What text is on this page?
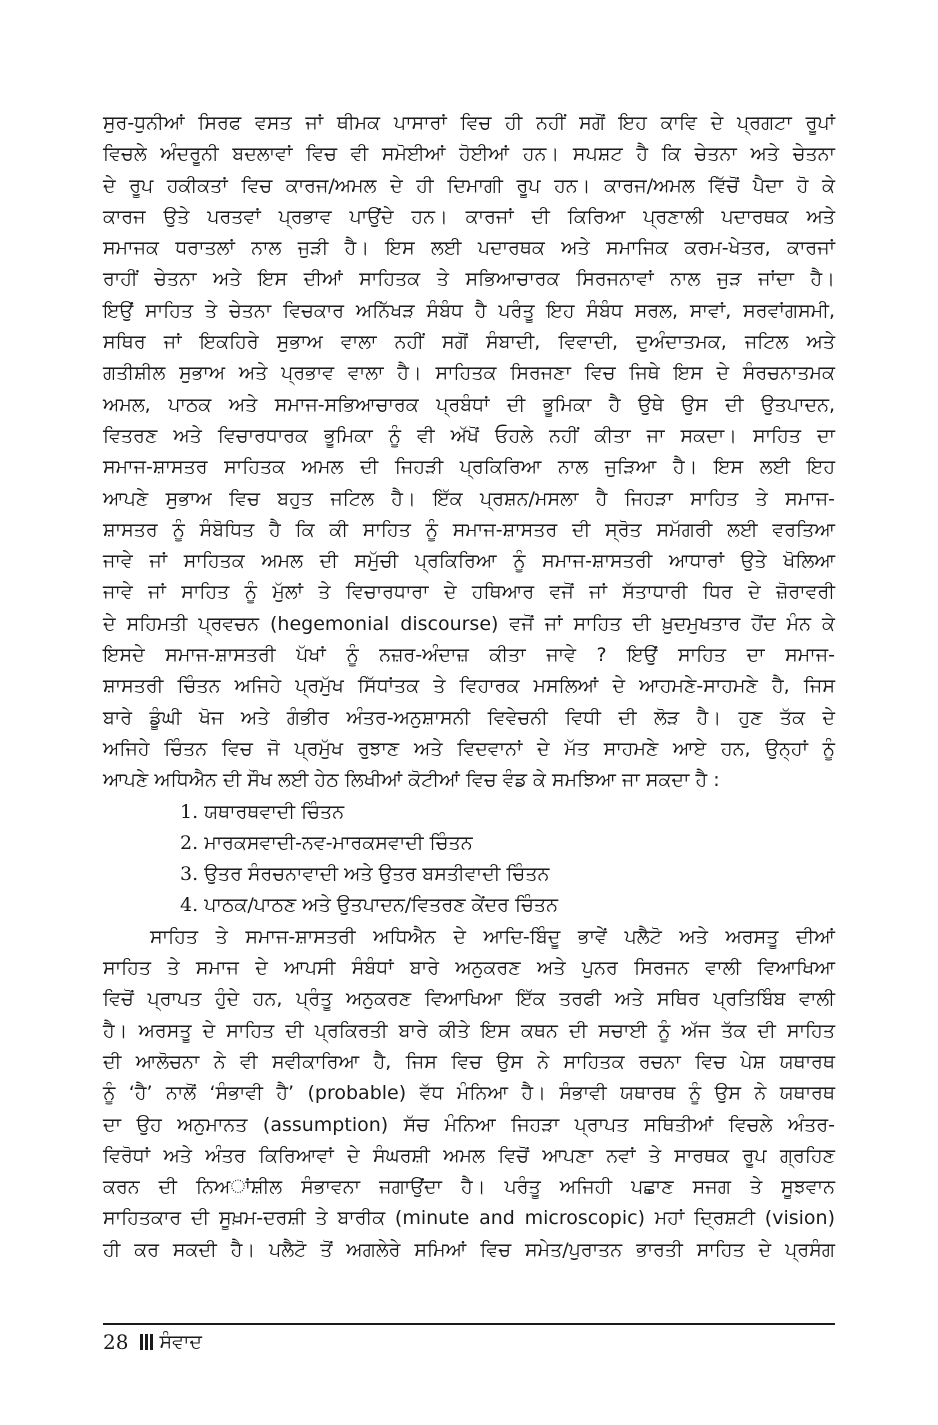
ਸੁਰ-ਧੁਨੀਆਂ ਸਿਰਫ ਵਸਤ ਜਾਂ ਥੀਮਕ ਪਾਸਾਰਾਂ ਵਿਚ ਹੀ ਨਹੀਂ ਸਗੋਂ ਇਹ ਕਾਵਿ ਦੇ ਪ੍ਰਗਟਾ ਰੂਪਾਂ

ਵਿਚਲੇ ਅੰਦਰੂਨੀ ਬਦਲਾਵਾਂ ਵਿਚ ਵੀ ਸਮੋਈਆਂ ਹੋਈਆਂ ਹਨ। ਸਪਸ਼ਟ ਹੈ ਕਿ ਚੇਤਨਾ ਅਤੇ ਚੇਤਨਾ

ਦੇ ਰੂਪ ਹਕੀਕਤਾਂ ਵਿਚ ਕਾਰਜ/ਅਮਲ ਦੇ ਹੀ ਦਿਮਾਗੀ ਰੂਪ ਹਨ। ਕਾਰਜ/ਅਮਲ ਵਿੱਚੋਂ ਪੈਦਾ ਹੋ ਕੇ

ਕਾਰਜ ਉਤੇ ਪਰਤਵਾਂ ਪ੍ਰਭਾਵ ਪਾਉਂਦੇ ਹਨ। ਕਾਰਜਾਂ ਦੀ ਕਿਰਿਆ ਪ੍ਰਣਾਲੀ ਪਦਾਰਥਕ ਅਤੇ

ਸਮਾਜਕ ਧਰਾਤਲਾਂ ਨਾਲ ਜੁੜੀ ਹੈ। ਇਸ ਲਈ ਪਦਾਰਥਕ ਅਤੇ ਸਮਾਜਿਕ ਕਰਮ-ਖੇਤਰ, ਕਾਰਜਾਂ

ਰਾਹੀਂ ਚੇਤਨਾ ਅਤੇ ਇਸ ਦੀਆਂ ਸਾਹਿਤਕ ਤੇ ਸਭਿਆਚਾਰਕ ਸਿਰਜਨਾਵਾਂ ਨਾਲ ਜੁੜ ਜਾਂਦਾ ਹੈ।

ਇਉਂ ਸਾਹਿਤ ਤੇ ਚੇਤਨਾ ਵਿਚਕਾਰ ਅਨਿੱਖੜ ਸੰਬੰਧ ਹੈ ਪਰੰਤੂ ਇਹ ਸੰਬੰਧ ਸਰਲ, ਸਾਵਾਂ, ਸਰਵਾਂਗਸਮੀ,

ਸਥਿਰ ਜਾਂ ਇਕਹਿਰੇ ਸੁਭਾਅ ਵਾਲਾ ਨਹੀਂ ਸਗੋਂ ਸੰਬਾਦੀ, ਵਿਵਾਦੀ, ਦੁਅੰਦਾਤਮਕ, ਜਟਿਲ ਅਤੇ

ਗਤੀਸ਼ੀਲ ਸੁਭਾਅ ਅਤੇ ਪ੍ਰਭਾਵ ਵਾਲਾ ਹੈ। ਸਾਹਿਤਕ ਸਿਰਜਣਾ ਵਿਚ ਜਿਥੇ ਇਸ ਦੇ ਸੰਰਚਨਾਤਮਕ

ਅਮਲ, ਪਾਠਕ ਅਤੇ ਸਮਾਜ-ਸਭਿਆਚਾਰਕ ਪ੍ਰਬੰਧਾਂ ਦੀ ਭੂਮਿਕਾ ਹੈ ਉਥੇ ਉਸ ਦੀ ਉਤਪਾਦਨ,

ਵਿਤਰਣ ਅਤੇ ਵਿਚਾਰਧਾਰਕ ਭੂਮਿਕਾ ਨੂੰ ਵੀ ਅੱਖੋਂ ਓਹਲੇ ਨਹੀਂ ਕੀਤਾ ਜਾ ਸਕਦਾ। ਸਾਹਿਤ ਦਾ

ਸਮਾਜ-ਸ਼ਾਸਤਰ ਸਾਹਿਤਕ ਅਮਲ ਦੀ ਜਿਹੜੀ ਪ੍ਰਕਿਰਿਆ ਨਾਲ ਜੁੜਿਆ ਹੈ। ਇਸ ਲਈ ਇਹ

ਆਪਣੇ ਸੁਭਾਅ ਵਿਚ ਬਹੁਤ ਜਟਿਲ ਹੈ। ਇੱਕ ਪ੍ਰਸ਼ਨ/ਮਸਲਾ ਹੈ ਜਿਹੜਾ ਸਾਹਿਤ ਤੇ ਸਮਾਜ-

ਸ਼ਾਸਤਰ ਨੂੰ ਸੰਬੋਧਿਤ ਹੈ ਕਿ ਕੀ ਸਾਹਿਤ ਨੂੰ ਸਮਾਜ-ਸ਼ਾਸਤਰ ਦੀ ਸ੍ਰੋਤ ਸਮੱਗਰੀ ਲਈ ਵਰਤਿਆ

ਜਾਵੇ ਜਾਂ ਸਾਹਿਤਕ ਅਮਲ ਦੀ ਸਮੁੱਚੀ ਪ੍ਰਕਿਰਿਆ ਨੂੰ ਸਮਾਜ-ਸ਼ਾਸਤਰੀ ਆਧਾਰਾਂ ਉਤੇ ਖੋਲਿਆ

ਜਾਵੇ ਜਾਂ ਸਾਹਿਤ ਨੂੰ ਮੁੱਲਾਂ ਤੇ ਵਿਚਾਰਧਾਰਾ ਦੇ ਹਥਿਆਰ ਵਜੋਂ ਜਾਂ ਸੱਤਾਧਾਰੀ ਧਿਰ ਦੇ ਜ਼ੋਰਾਵਰੀ

ਦੇ ਸਹਿਮਤੀ ਪ੍ਰਵਚਨ (hegemonial discourse) ਵਜੋਂ ਜਾਂ ਸਾਹਿਤ ਦੀ ਖ਼ੁਦਮੁਖਤਾਰ ਹੋਂਦ ਮੰਨ ਕੇ

ਇਸਦੇ ਸਮਾਜ-ਸ਼ਾਸਤਰੀ ਪੱਖਾਂ ਨੂੰ ਨਜ਼ਰ-ਅੰਦਾਜ਼ ਕੀਤਾ ਜਾਵੇ ? ਇਉਂ ਸਾਹਿਤ ਦਾ ਸਮਾਜ-

ਸ਼ਾਸਤਰੀ ਚਿੰਤਨ ਅਜਿਹੇ ਪ੍ਰਮੁੱਖ ਸਿੱਧਾਂਤਕ ਤੇ ਵਿਹਾਰਕ ਮਸਲਿਆਂ ਦੇ ਆਹਮਣੇ-ਸਾਹਮਣੇ ਹੈ, ਜਿਸ

ਬਾਰੇ ਡੂੰਘੀ ਖੋਜ ਅਤੇ ਗੰਭੀਰ ਅੰਤਰ-ਅਨੁਸ਼ਾਸਨੀ ਵਿਵੇਚਨੀ ਵਿਧੀ ਦੀ ਲੋੜ ਹੈ। ਹੁਣ ਤੱਕ ਦੇ

ਅਜਿਹੇ ਚਿੰਤਨ ਵਿਚ ਜੋ ਪ੍ਰਮੁੱਖ ਰੁਝਾਣ ਅਤੇ ਵਿਦਵਾਨਾਂ ਦੇ ਮੱਤ ਸਾਹਮਣੇ ਆਏ ਹਨ, ਉਨ੍ਹਾਂ ਨੂੰ

ਆਪਣੇ ਅਧਿਐਨ ਦੀ ਸੌਖ ਲਈ ਹੇਠ ਲਿਖੀਆਂ ਕੋਟੀਆਂ ਵਿਚ ਵੰਡ ਕੇ ਸਮਝਿਆ ਜਾ ਸਕਦਾ ਹੈ :

1. ਯਥਾਰਥਵਾਦੀ ਚਿੰਤਨ
2. ਮਾਰਕਸਵਾਦੀ-ਨਵ-ਮਾਰਕਸਵਾਦੀ ਚਿੰਤਨ
3. ਉਤਰ ਸੰਰਚਨਾਵਾਦੀ ਅਤੇ ਉਤਰ ਬਸਤੀਵਾਦੀ ਚਿੰਤਨ
4. ਪਾਠਕ/ਪਾਠਣ ਅਤੇ ਉਤਪਾਦਨ/ਵਿਤਰਣ ਕੇਂਦਰ ਚਿੰਤਨ

ਸਾਹਿਤ ਤੇ ਸਮਾਜ-ਸ਼ਾਸਤਰੀ ਅਧਿਐਨ ਦੇ ਆਦਿ-ਬਿੰਦੂ ਭਾਵੇਂ ਪਲੈਟੋ ਅਤੇ ਅਰਸਤੂ ਦੀਆਂ

ਸਾਹਿਤ ਤੇ ਸਮਾਜ ਦੇ ਆਪਸੀ ਸੰਬੰਧਾਂ ਬਾਰੇ ਅਨੁਕਰਣ ਅਤੇ ਪੁਨਰ ਸਿਰਜਨ ਵਾਲੀ ਵਿਆਖਿਆ

ਵਿਚੋਂ ਪ੍ਰਾਪਤ ਹੁੰਦੇ ਹਨ, ਪ੍ਰੰਤੂ ਅਨੁਕਰਣ ਵਿਆਖਿਆ ਇੱਕ ਤਰਫੀ ਅਤੇ ਸਥਿਰ ਪ੍ਰਤਿਬਿੰਬ ਵਾਲੀ

ਹੈ। ਅਰਸਤੂ ਦੇ ਸਾਹਿਤ ਦੀ ਪ੍ਰਕਿਰਤੀ ਬਾਰੇ ਕੀਤੇ ਇਸ ਕਥਨ ਦੀ ਸਚਾਈ ਨੂੰ ਅੱਜ ਤੱਕ ਦੀ ਸਾਹਿਤ

ਦੀ ਆਲੋਚਨਾ ਨੇ ਵੀ ਸਵੀਕਾਰਿਆ ਹੈ, ਜਿਸ ਵਿਚ ਉਸ ਨੇ ਸਾਹਿਤਕ ਰਚਨਾ ਵਿਚ ਪੇਸ਼ ਯਥਾਰਥ

ਨੂੰ ‘ਹੈ’ ਨਾਲੋਂ ‘ਸੰਭਾਵੀ ਹੈ’ (probable) ਵੱਧ ਮੰਨਿਆ ਹੈ। ਸੰਭਾਵੀ ਯਥਾਰਥ ਨੂੰ ਉਸ ਨੇ ਯਥਾਰਥ

ਦਾ ਉਹ ਅਨੁਮਾਨਤ (assumption) ਸੱਚ ਮੰਨਿਆ ਜਿਹੜਾ ਪ੍ਰਾਪਤ ਸਥਿਤੀਆਂ ਵਿਚਲੇ ਅੰਤਰ-

ਵਿਰੋਧਾਂ ਅਤੇ ਅੰਤਰ ਕਿਰਿਆਵਾਂ ਦੇ ਸੰਘਰਸ਼ੀ ਅਮਲ ਵਿਚੋਂ ਆਪਣਾ ਨਵਾਂ ਤੇ ਸਾਰਥਕ ਰੂਪ ਗ੍ਰਹਿਣ

ਕਰਨ ਦੀ ਨਿਅਾਂਸ਼ੀਲ ਸੰਭਾਵਨਾ ਜਗਾਉਂਦਾ ਹੈ। ਪਰੰਤੂ ਅਜਿਹੀ ਪਛਾਣ ਸਜਗ ਤੇ ਸੂਝਵਾਨ

ਸਾਹਿਤਕਾਰ ਦੀ ਸੂਖ਼ਮ-ਦਰਸ਼ੀ ਤੇ ਬਾਰੀਕ (minute and microscopic) ਮਹਾਂ ਦ੍ਰਿਸ਼ਟੀ (vision)

ਹੀ ਕਰ ਸਕਦੀ ਹੈ। ਪਲੈਟੋ ਤੋਂ ਅਗਲੇਰੇ ਸਮਿਆਂ ਵਿਚ ਸਮੇਤ/ਪੁਰਾਤਨ ਭਾਰਤੀ ਸਾਹਿਤ ਦੇ ਪ੍ਰਸੰਗ

28 ਸੰਵਾਦ
